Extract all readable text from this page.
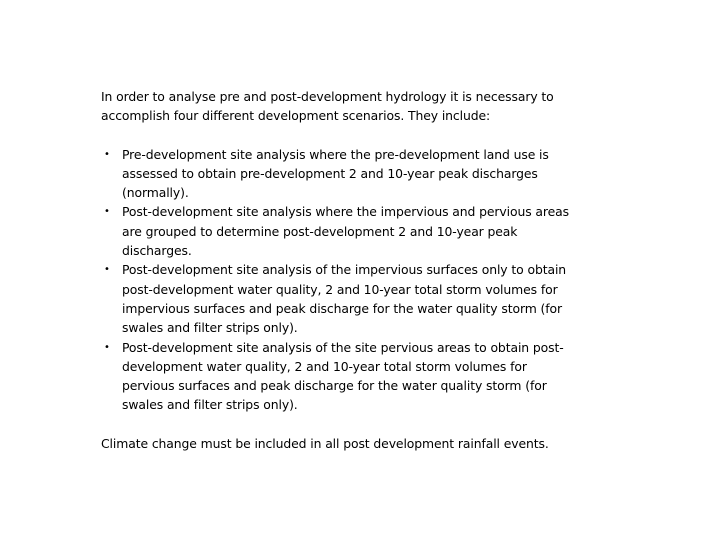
In order to analyse pre and post-development hydrology it is necessary to accomplish four different development scenarios. They include:

• Pre-development site analysis where the pre-development land use is assessed to obtain pre-development 2 and 10-year peak discharges (normally).
• Post-development site analysis where the impervious and pervious areas are grouped to determine post-development 2 and 10-year peak discharges.
• Post-development site analysis of the impervious surfaces only to obtain post-development water quality, 2 and 10-year total storm volumes for impervious surfaces and peak discharge for the water quality storm (for swales and filter strips only).
• Post-development site analysis of the site pervious areas to obtain post-development water quality, 2 and 10-year total storm volumes for pervious surfaces and peak discharge for the water quality storm (for swales and filter strips only).

Climate change must be included in all post development rainfall events.
